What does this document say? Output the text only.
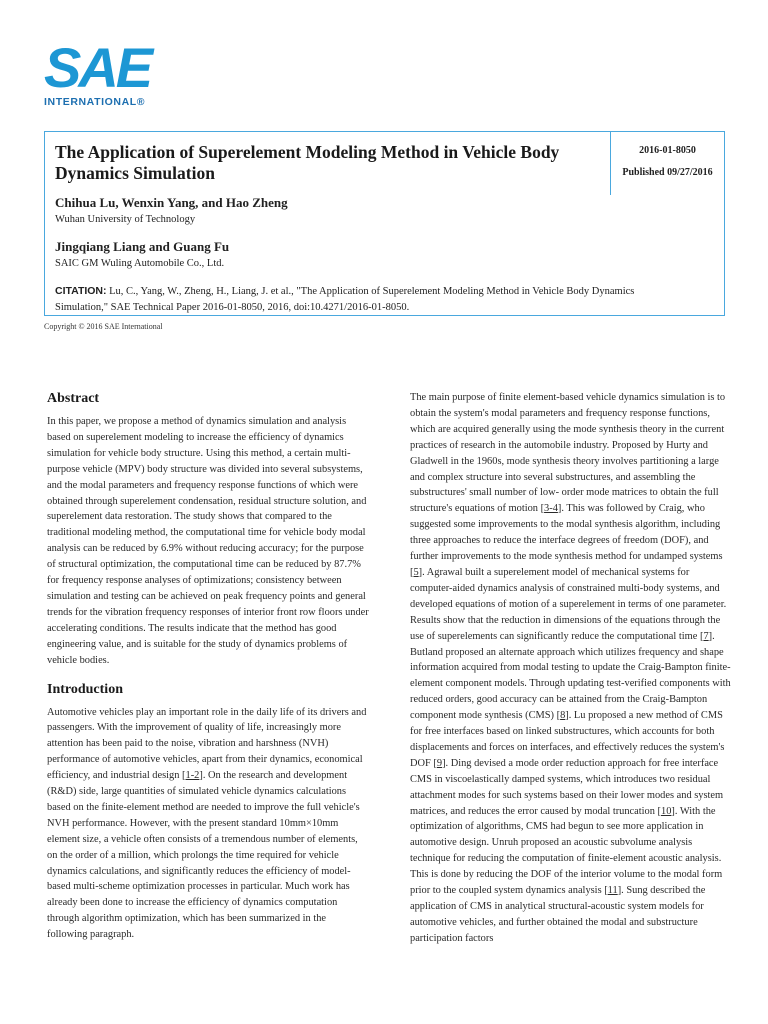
SAE
INTERNATIONAL®
The Application of Superelement Modeling Method in Vehicle Body Dynamics Simulation
2016-01-8050
Published 09/27/2016
Chihua Lu, Wenxin Yang, and Hao Zheng
Wuhan University of Technology
Jingqiang Liang and Guang Fu
SAIC GM Wuling Automobile Co., Ltd.
CITATION: Lu, C., Yang, W., Zheng, H., Liang, J. et al., "The Application of Superelement Modeling Method in Vehicle Body Dynamics Simulation," SAE Technical Paper 2016-01-8050, 2016, doi:10.4271/2016-01-8050.
Copyright © 2016 SAE International
Abstract

In this paper, we propose a method of dynamics simulation and analysis based on superelement modeling to increase the efficiency of dynamics simulation for vehicle body structure. Using this method, a certain multi-purpose vehicle (MPV) body structure was divided into several subsystems, and the modal parameters and frequency response functions of which were obtained through superelement condensation, residual structure solution, and superelement data restoration. The study shows that compared to the traditional modeling method, the computational time for vehicle body modal analysis can be reduced by 6.9% without reducing accuracy; for the purpose of structural optimization, the computational time can be reduced by 87.7% for frequency response analyses of optimizations; consistency between simulation and testing can be achieved on peak frequency points and general trends for the vibration frequency responses of interior front row floors under accelerating conditions. The results indicate that the method has good engineering value, and is suitable for the study of dynamics problems of vehicle bodies.

Introduction

Automotive vehicles play an important role in the daily life of its drivers and passengers. With the improvement of quality of life, increasingly more attention has been paid to the noise, vibration and harshness (NVH) performance of automotive vehicles, apart from their dynamics, economical efficiency, and industrial design [1-2]. On the research and development (R&D) side, large quantities of simulated vehicle dynamics calculations based on the finite-element method are needed to improve the full vehicle's NVH performance. However, with the present standard 10mm×10mm element size, a vehicle often consists of a tremendous number of elements, on the order of a million, which prolongs the time required for vehicle dynamics calculations, and significantly reduces the efficiency of model-based multi-scheme optimization processes in particular. Much work has already been done to increase the efficiency of dynamics computation through algorithm optimization, which has been summarized in the following paragraph.

The main purpose of finite element-based vehicle dynamics simulation is to obtain the system's modal parameters and frequency response functions, which are acquired generally using the mode synthesis theory in the current practices of research in the automobile industry. Proposed by Hurty and Gladwell in the 1960s, mode synthesis theory involves partitioning a large and complex structure into several substructures, and assembling the substructures' small number of low- order mode matrices to obtain the full structure's equations of motion [3-4]. This was followed by Craig, who suggested some improvements to the modal synthesis algorithm, including three approaches to reduce the interface degrees of freedom (DOF), and further improvements to the mode synthesis method for undamped systems [5]. Agrawal built a superelement model of mechanical systems for computer-aided dynamics analysis of constrained multi-body systems, and developed equations of motion of a superelement in terms of one parameter. Results show that the reduction in dimensions of the equations through the use of superelements can significantly reduce the computational time [7]. Butland proposed an alternate approach which utilizes frequency and shape information acquired from modal testing to update the Craig-Bampton finite-element component models. Through updating test-verified components with reduced orders, good accuracy can be attained from the Craig-Bampton component mode synthesis (CMS) [8]. Lu proposed a new method of CMS for free interfaces based on linked substructures, which accounts for both displacements and forces on interfaces, and effectively reduces the system's DOF [9]. Ding devised a mode order reduction approach for free interface CMS in viscoelastically damped systems, which introduces two residual attachment modes for such systems based on their lower modes and system matrices, and reduces the error caused by modal truncation [10]. With the optimization of algorithms, CMS had begun to see more application in automotive design. Unruh proposed an acoustic subvolume analysis technique for reducing the computation of finite-element acoustic analysis. This is done by reducing the DOF of the interior volume to the modal form prior to the coupled system dynamics analysis [11]. Sung described the application of CMS in analytical structural-acoustic system models for automotive vehicles, and further obtained the modal and substructure participation factors
